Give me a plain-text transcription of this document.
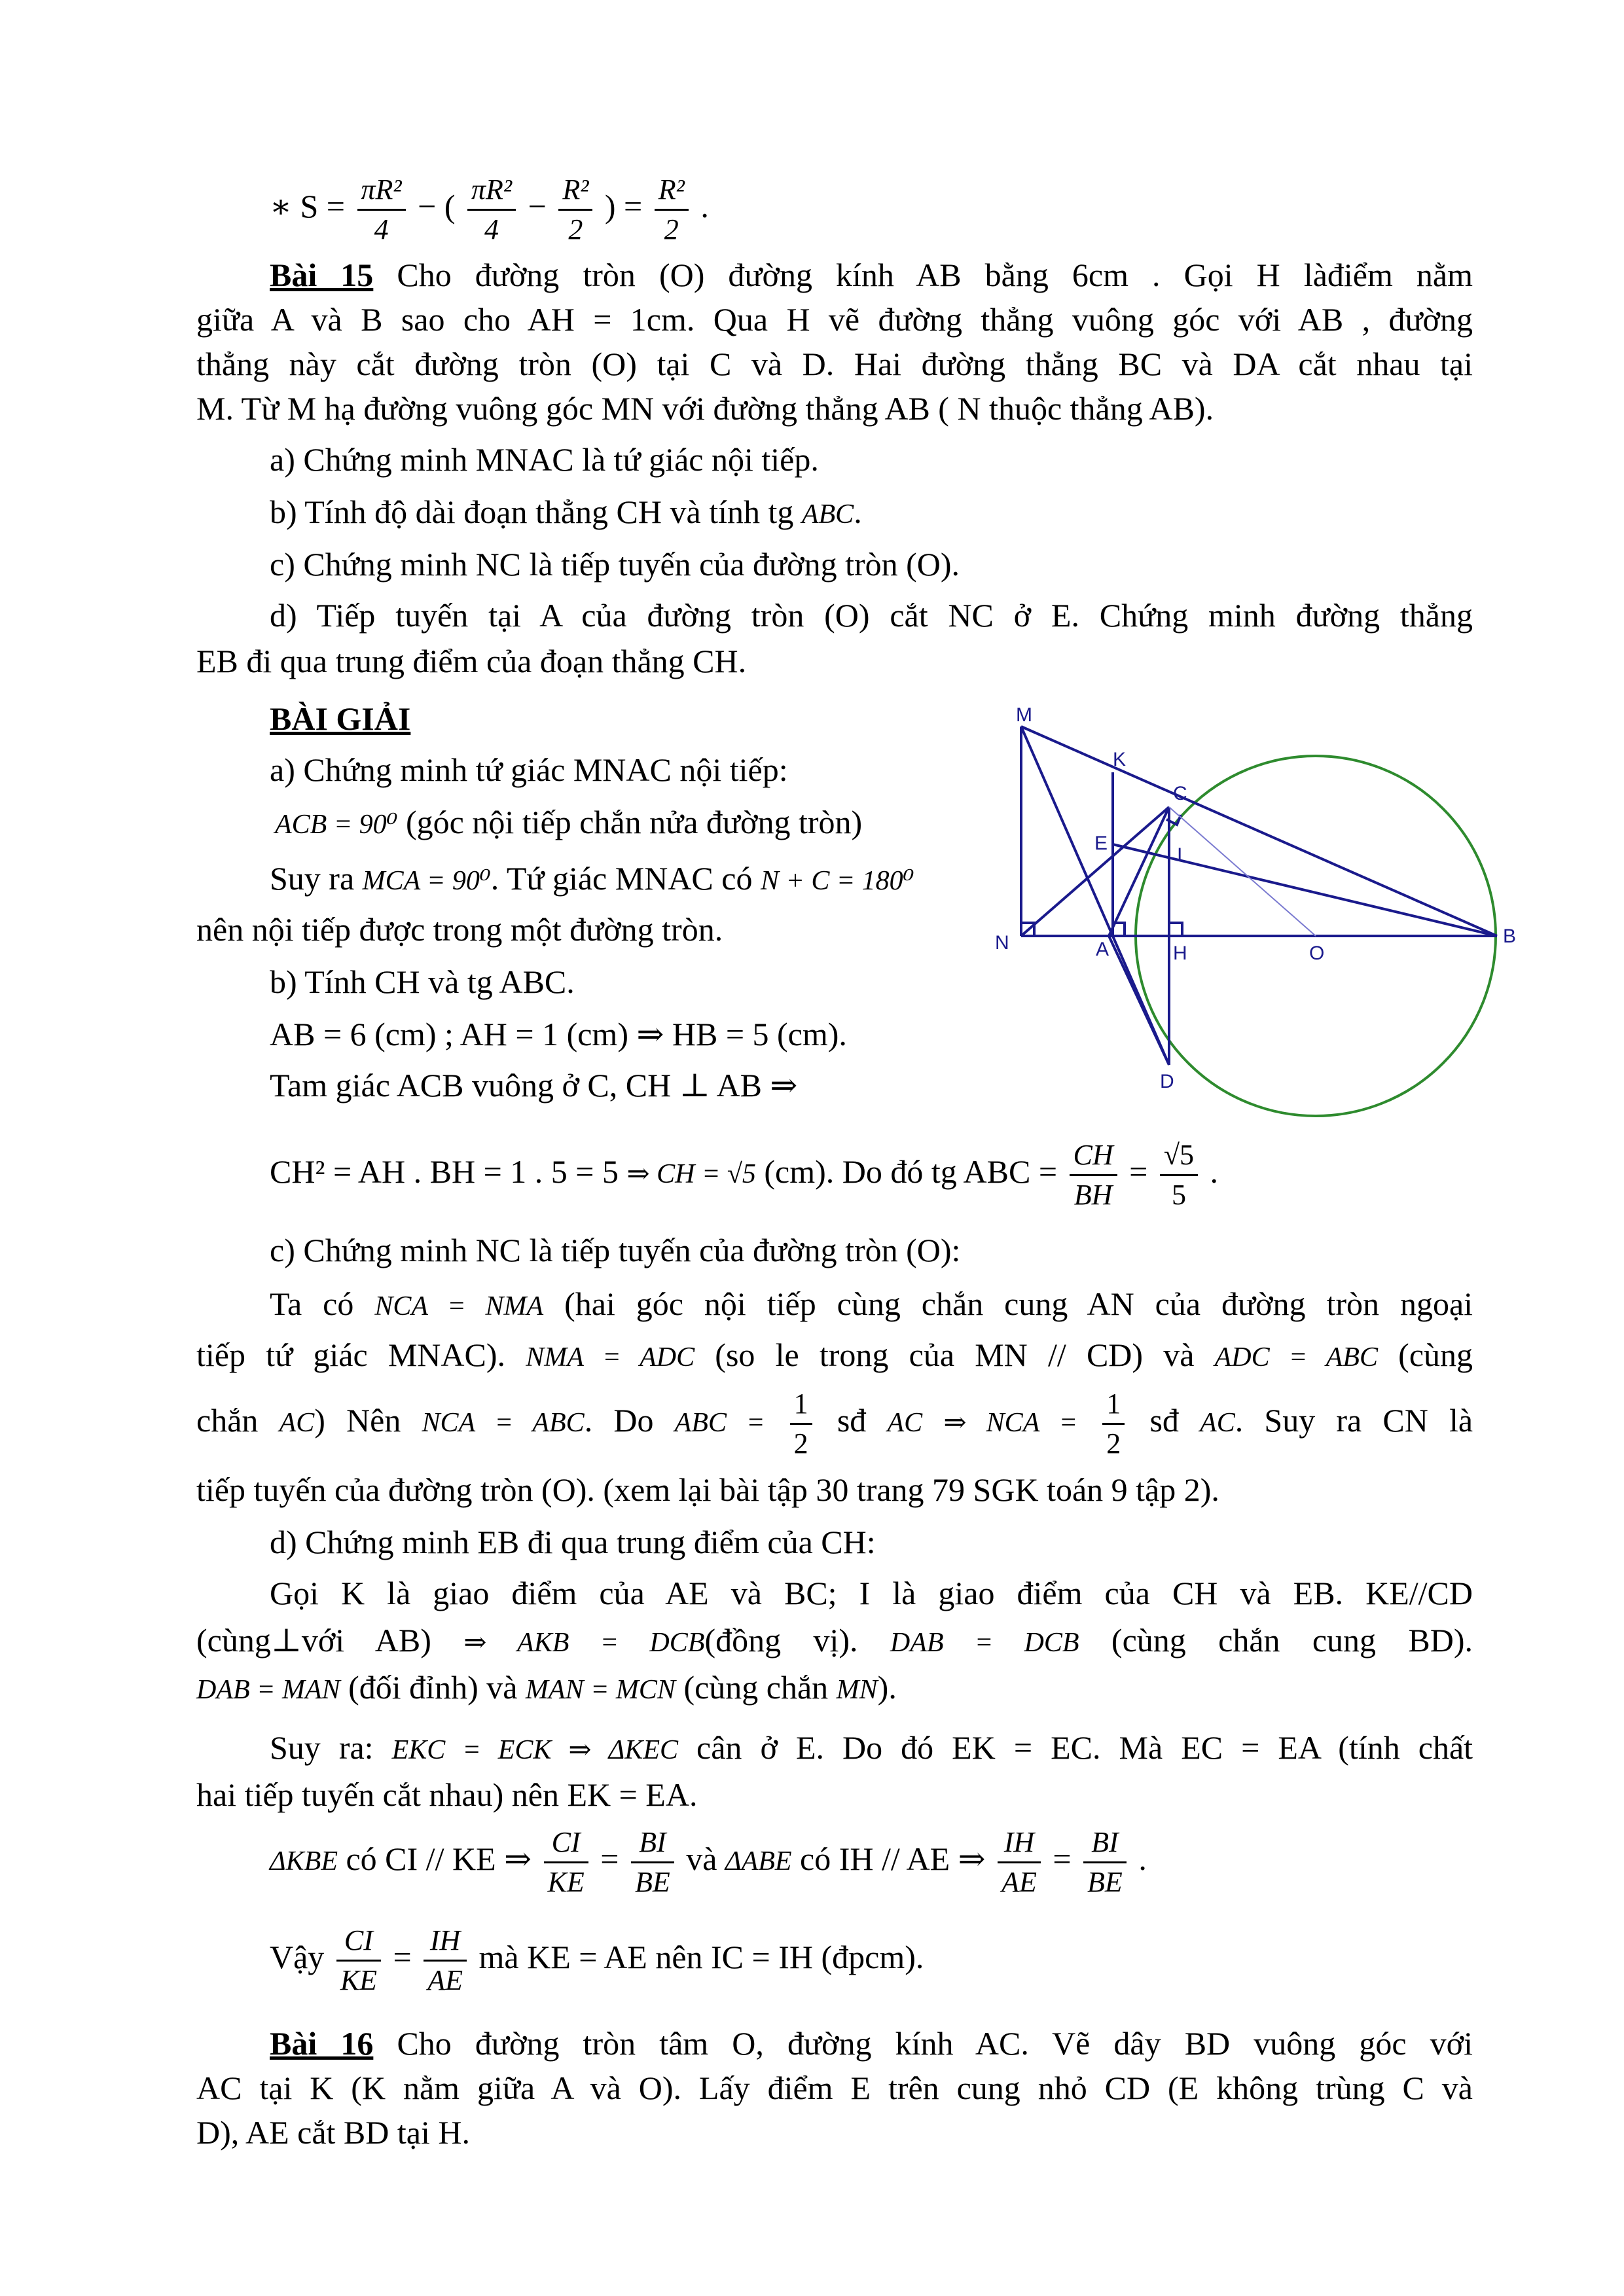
∗ $S = \frac{\text{πR²}}{4}$ − ( $\frac{\text{πR²}}{4} - \frac{\text{R²}}{2}$ ) = $\frac{\text{R²}}{2}$ .
Bài 15 Cho đường tròn (O) đường kính AB bằng 6cm . Gọi H làđiểm nằm
giữa A và B sao cho AH = 1cm. Qua H vẽ đường thẳng vuông góc với AB , đường
thẳng này cắt đường tròn (O) tại C và D. Hai đường thẳng BC và DA cắt nhau tại
M. Từ M hạ đường vuông góc MN với đường thẳng AB ( N thuộc thẳng AB).
a) Chứng minh MNAC là tứ giác nội tiếp.
b) Tính độ dài đoạn thẳng CH và tính tg ABC.
c) Chứng minh NC là tiếp tuyến của đường tròn (O).
d) Tiếp tuyến tại A của đường tròn (O) cắt NC ở E. Chứng minh đường thẳng
EB đi qua trung điểm của đoạn thẳng CH.
BÀI GIẢI
a) Chứng minh tứ giác MNAC nội tiếp:
ACB = 90⁰ (góc nội tiếp chắn nửa đường tròn)
Suy ra MCA = 90⁰. Tứ giác MNAC có N + C = 180⁰
nên nội tiếp được trong một đường tròn.
b) Tính CH và tg ABC.
AB = 6 (cm) ; AH = 1 (cm) ⇒ HB = 5 (cm).
Tam giác ACB vuông ở C, CH ⊥ AB ⇒
CH² = AH . BH = 1 . 5 = 5 ⇒ CH = √5 (cm). Do đó tg ABC = $\frac{CH}{BH} = \frac{√5}{5}$ .
c) Chứng minh NC là tiếp tuyến của đường tròn (O):
Ta có NCA = NMA (hai góc nội tiếp cùng chắn cung AN của đường tròn ngoại
tiếp tứ giác MNAC). NMA = ADC (so le trong của MN // CD) và ADC = ABC (cùng
chắn AC) Nên NCA = ABC. Do ABC = $\frac{1}{2}$ sđ AC ⇒ NCA = $\frac{1}{2}$ sđ AC. Suy ra CN là
tiếp tuyến của đường tròn (O). (xem lại bài tập 30 trang 79 SGK toán 9 tập 2).
d) Chứng minh EB đi qua trung điểm của CH:
Gọi K là giao điểm của AE và BC; I là giao điểm của CH và EB. KE//CD
(cùng⊥với AB) ⇒ AKB = DCB(đồng vị). DAB = DCB (cùng chắn cung BD).
DAB = MAN (đối đỉnh) và MAN = MCN (cùng chắn MN).
Suy ra: EKC = ECK ⇒ ΔKEC cân ở E. Do đó EK = EC. Mà EC = EA (tính chất
hai tiếp tuyến cắt nhau) nên EK = EA.
ΔKBE có CI // KE ⇒ $\frac{CI}{KE} = \frac{BI}{BE}$ và ΔABE có IH // AE ⇒ $\frac{IH}{AE} = \frac{BI}{BE}$ .
Vậy $\frac{CI}{KE} = \frac{IH}{AE}$ mà KE = AE nên IC = IH (đpcm).
Bài 16 Cho đường tròn tâm O, đường kính AC. Vẽ dây BD vuông góc với
AC tại K (K nằm giữa A và O). Lấy điểm E trên cung nhỏ CD (E không trùng C và
D), AE cắt BD tại H.
M
K
C
E
I
N	A	H	O
B
D
